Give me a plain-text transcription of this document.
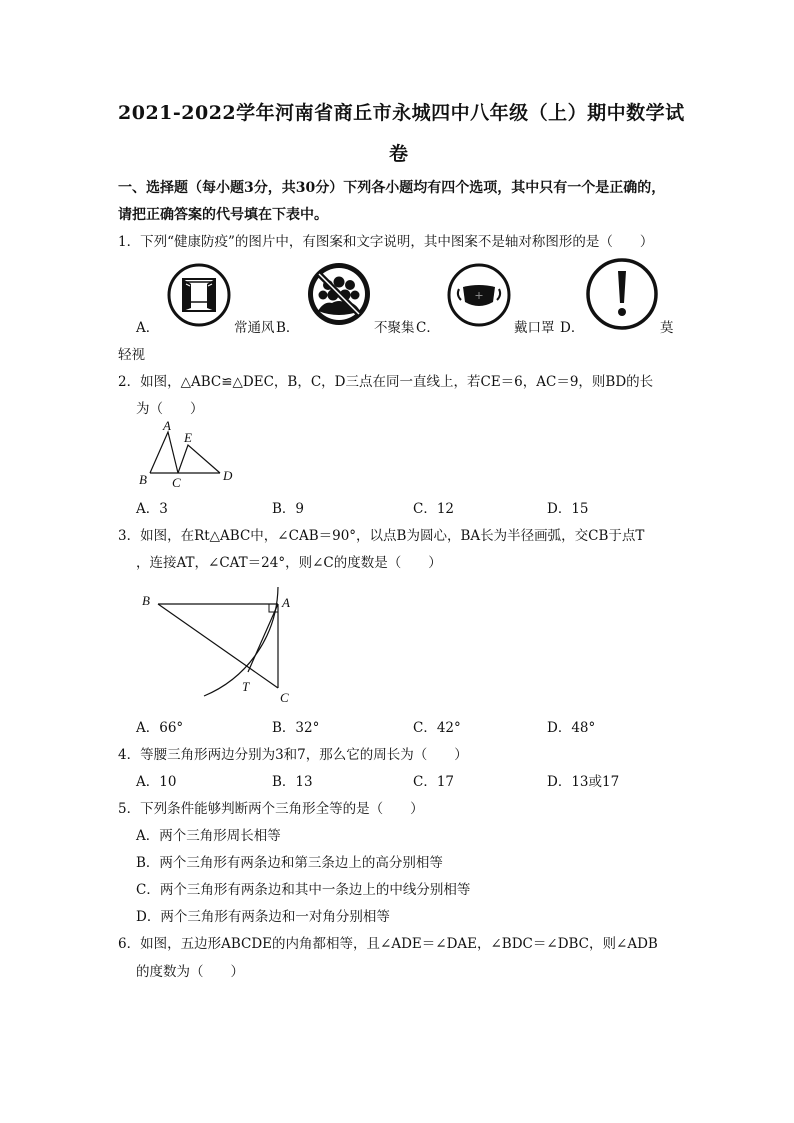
2021-2022学年河南省商丘市永城四中八年级（上）期中数学试
卷
一、选择题（每小题3分，共30分）下列各小题均有四个选项，其中只有一个是正确的，
请把正确答案的代号填在下表中。
1．下列“健康防疫”的图片中，有图案和文字说明，其中图案不是轴对称图形的是（　　）
A．	常通风 B．	不聚集 C．	戴口罩 D．	莫
轻视
2．如图，△ABC≌△DEC，B，C，D三点在同一直线上，若CE＝6，AC＝9，则BD的长
为（　　）
A
E
B C	D
A．3	B．9	C．12	D．15
3．如图，在Rt△ABC中，∠CAB＝90°，以点B为圆心，BA长为半径画弧，交CB于点T
，连接AT，∠CAT＝24°，则∠C的度数是（　　）
B	A
T
C
A．66°	B．32°	C．42°	D．48°
4．等腰三角形两边分别为3和7，那么它的周长为（　　）
A．10	B．13	C．17	D．13或17
5．下列条件能够判断两个三角形全等的是（　　）
A．两个三角形周长相等
B．两个三角形有两条边和第三条边上的高分别相等
C．两个三角形有两条边和其中一条边上的中线分别相等
D．两个三角形有两条边和一对角分别相等
6．如图，五边形ABCDE的内角都相等，且∠ADE＝∠DAE，∠BDC＝∠DBC，则∠ADB
的度数为（　　）
